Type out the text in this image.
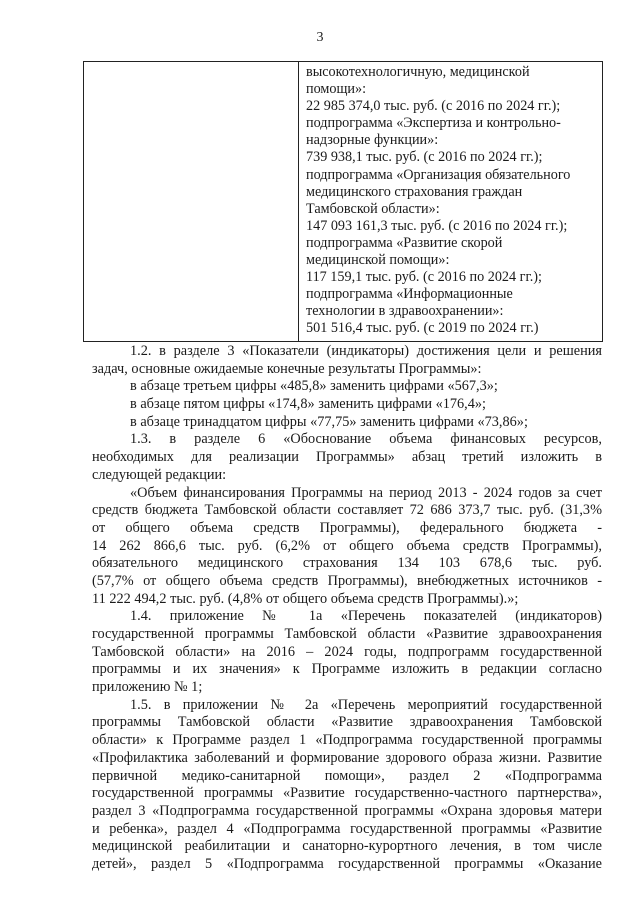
3
высокотехнологичную, медицинской
помощи»:
22 985 374,0 тыс. руб. (с 2016 по 2024 гг.);
подпрограмма «Экспертиза и контрольно-
надзорные функции»:
739 938,1 тыс. руб. (с 2016 по 2024 гг.);
подпрограмма «Организация обязательного
медицинского страхования граждан
Тамбовской области»:
147 093 161,3 тыс. руб. (с 2016 по 2024 гг.);
подпрограмма «Развитие скорой
медицинской помощи»:
117 159,1 тыс. руб. (с 2016 по 2024 гг.);
подпрограмма «Информационные
технологии в здравоохранении»:
501 516,4 тыс. руб. (с 2019 по 2024 гг.)
1.2. в разделе 3 «Показатели (индикаторы) достижения цели и решения
задач, основные ожидаемые конечные результаты Программы»:
в абзаце третьем цифры «485,8» заменить цифрами «567,3»;
в абзаце пятом цифры «174,8» заменить цифрами «176,4»;
в абзаце тринадцатом цифры «77,75» заменить цифрами «73,86»;
1.3. в разделе 6 «Обоснование объема финансовых ресурсов,
необходимых для реализации Программы» абзац третий изложить в
следующей редакции:
«Объем финансирования Программы на период 2013 - 2024 годов за счет
средств бюджета Тамбовской области составляет 72 686 373,7 тыс. руб. (31,3%
от общего объема средств Программы), федерального бюджета -
14 262 866,6 тыс. руб. (6,2% от общего объема средств Программы),
обязательного медицинского страхования 134 103 678,6 тыс. руб.
(57,7% от общего объема средств Программы), внебюджетных источников -
11 222 494,2 тыс. руб. (4,8% от общего объема средств Программы).»;
1.4. приложение № 1а «Перечень показателей (индикаторов)
государственной программы Тамбовской области «Развитие здравоохранения
Тамбовской области» на 2016 – 2024 годы, подпрограмм государственной
программы и их значения» к Программе изложить в редакции согласно
приложению № 1;
1.5. в приложении № 2а «Перечень мероприятий государственной
программы Тамбовской области «Развитие здравоохранения Тамбовской
области» к Программе раздел 1 «Подпрограмма государственной программы
«Профилактика заболеваний и формирование здорового образа жизни. Развитие
первичной медико-санитарной помощи», раздел 2 «Подпрограмма
государственной программы «Развитие государственно-частного партнерства»,
раздел 3 «Подпрограмма государственной программы «Охрана здоровья матери
и ребенка», раздел 4 «Подпрограмма государственной программы «Развитие
медицинской реабилитации и санаторно-курортного лечения, в том числе
детей», раздел 5 «Подпрограмма государственной программы «Оказание
